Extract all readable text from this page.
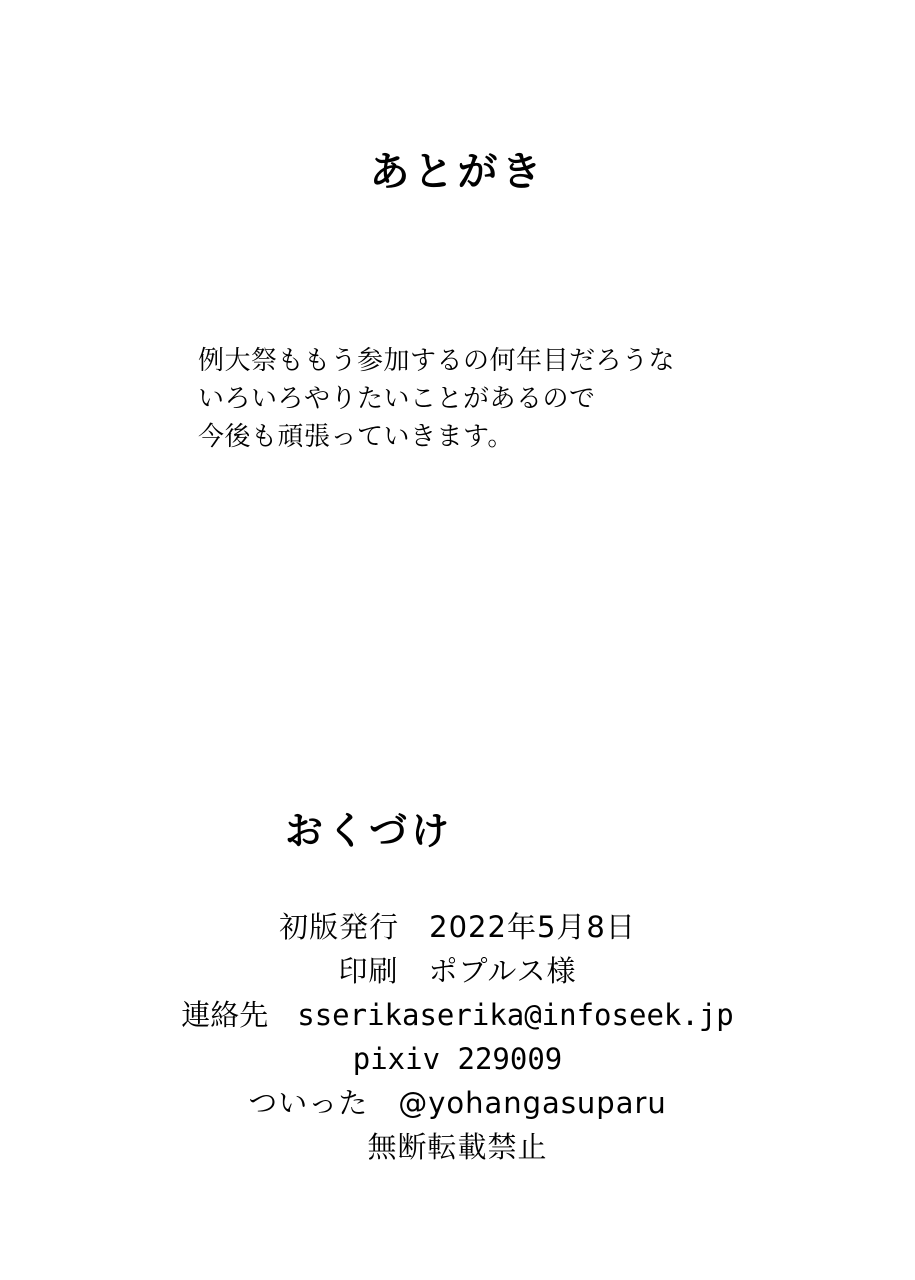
あとがき
例大祭ももう参加するの何年目だろうな
いろいろやりたいことがあるので
今後も頑張っていきます。
おくづけ
初版発行　2022年5月8日
印刷　ポプルス様
連絡先　sserikaserika@infoseek.jp
pixiv 229009
ついった　@yohangasuparu
無断転載禁止
